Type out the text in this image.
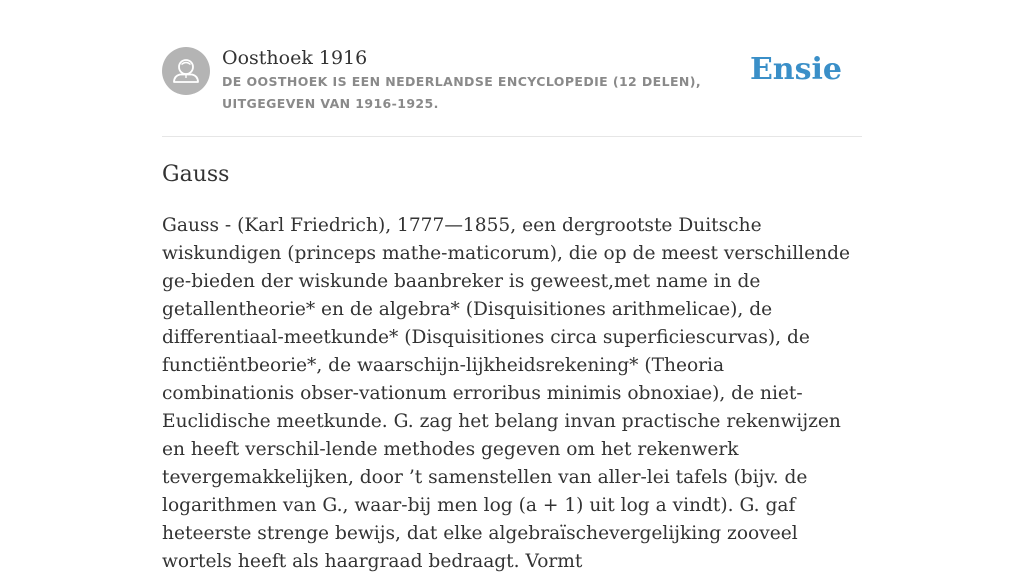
Oosthoek 1916
DE OOSTHOEK IS EEN NEDERLANDSE ENCYCLOPEDIE (12 DELEN), UITGEGEVEN VAN 1916-1925.
Ensie
Gauss

Gauss - (Karl Friedrich), 1777—1855, een dergrootste Duitsche wiskundigen (princeps mathe-maticorum), die op de meest verschillende ge-bieden der wiskunde baanbreker is geweest,met name in de getallentheorie* en de algebra* (Disquisitiones arithmelicae), de differentiaal-meetkunde* (Disquisitiones circa superficiescurvas), de functiëntbeorie*, de waarschijn-lijkheidsrekening* (Theoria combinationis obser-vationum erroribus minimis obnoxiae), de niet-Euclidische meetkunde. G. zag het belang invan practische rekenwijzen en heeft verschil-lende methodes gegeven om het rekenwerk tevergemakkelijken, door ’t samenstellen van aller-lei tafels (bijv. de logarithmen van G., waar-bij men log (a + 1) uit log a vindt). G. gaf heteerste strenge bewijs, dat elke algebraïschevergelijking zooveel wortels heeft als haargraad bedraagt. Vormt
